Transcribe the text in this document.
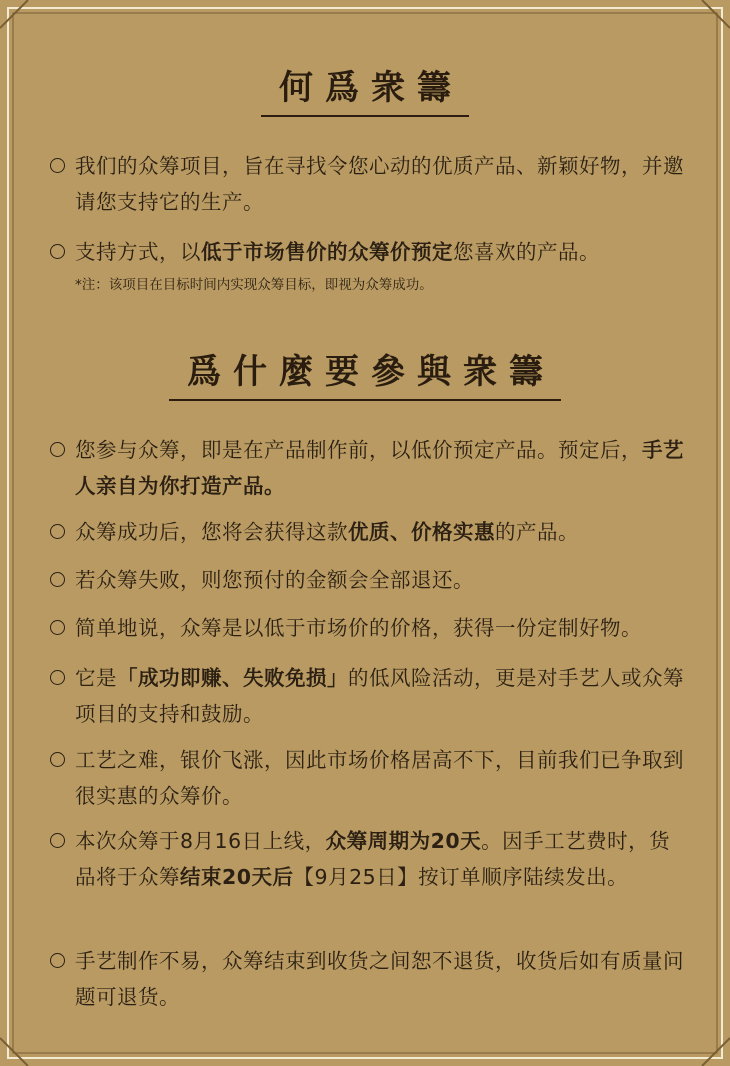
何爲衆籌
我们的众筹项目，旨在寻找令您心动的优质产品、新颖好物，并邀请您支持它的生产。
支持方式，以低于市场售价的众筹价预定您喜欢的产品。
*注：该项目在目标时间内实现众筹目标，即视为众筹成功。
爲什麼要參與衆籌
您参与众筹，即是在产品制作前，以低价预定产品。预定后，手艺人亲自为你打造产品。
众筹成功后，您将会获得这款优质、价格实惠的产品。
若众筹失败，则您预付的金额会全部退还。
简单地说，众筹是以低于市场价的价格，获得一份定制好物。
它是「成功即赚、失败免损」的低风险活动，更是对手艺人或众筹项目的支持和鼓励。
工艺之难，银价飞涨，因此市场价格居高不下，目前我们已争取到很实惠的众筹价。
本次众筹于8月16日上线，众筹周期为20天。因手工艺费时，货品将于众筹结束20天后【9月25日】按订单顺序陆续发出。
手艺制作不易，众筹结束到收货之间恕不退货，收货后如有质量问题可退货。
